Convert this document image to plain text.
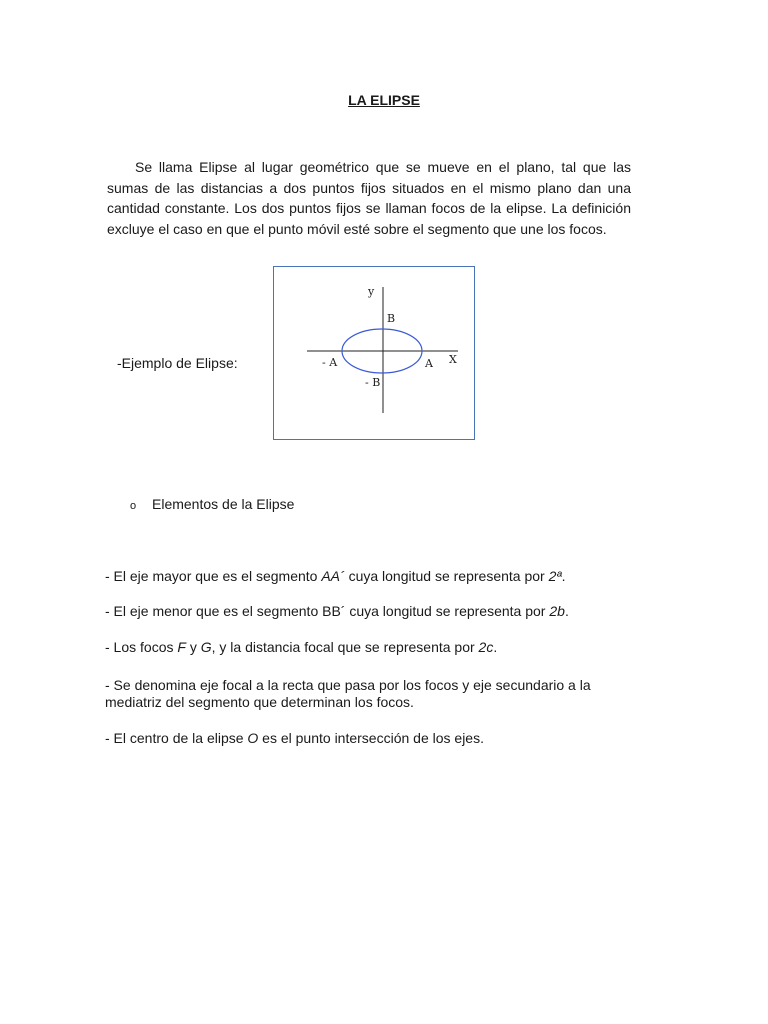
LA ELIPSE

Se llama Elipse al lugar geométrico que se mueve en el plano, tal que las sumas de las distancias a dos puntos fijos situados en el mismo plano dan una cantidad constante. Los dos puntos fijos se llaman focos de la elipse. La definición excluye el caso en que el punto móvil esté sobre el segmento que une los focos.

-Ejemplo de Elipse:
y
X
B
- B
- A	A
o Elementos de la Elipse

- El eje mayor que es el segmento AA´ cuya longitud se representa por 2ª.

- El eje menor que es el segmento BB´ cuya longitud se representa por 2b.

- Los focos F y G, y la distancia focal que se representa por 2c.

- Se denomina eje focal a la recta que pasa por los focos y eje secundario a la mediatriz del segmento que determinan los focos.

- El centro de la elipse O es el punto intersección de los ejes.
